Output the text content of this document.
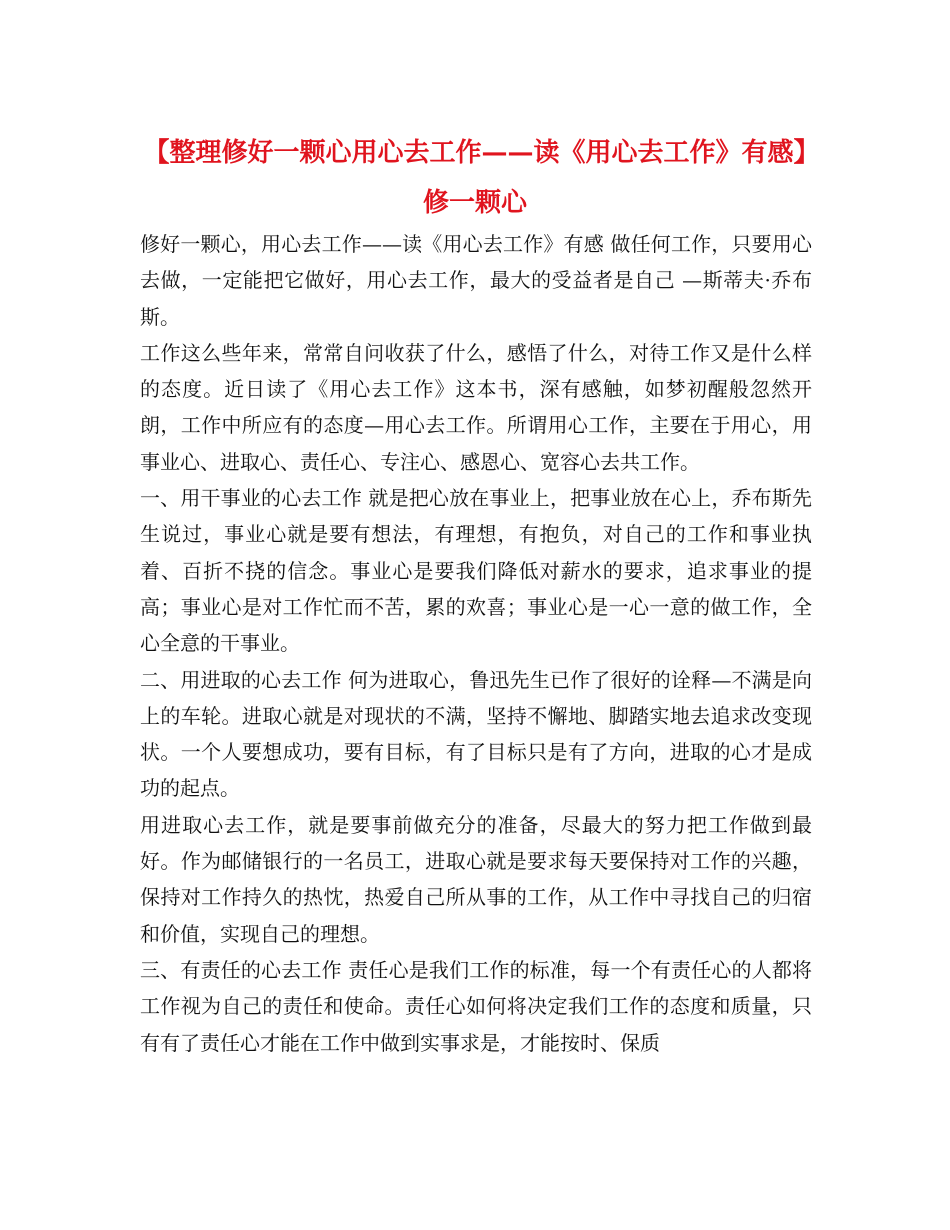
【整理修好一颗心用心去工作——读《用心去工作》有感】修一颗心

修好一颗心，用心去工作——读《用心去工作》有感 做任何工作，只要用心去做，一定能把它做好，用心去工作，最大的受益者是自己 —斯蒂夫·乔布斯。

工作这么些年来，常常自问收获了什么，感悟了什么，对待工作又是什么样的态度。近日读了《用心去工作》这本书，深有感触，如梦初醒般忽然开朗，工作中所应有的态度—用心去工作。所谓用心工作，主要在于用心，用事业心、进取心、责任心、专注心、感恩心、宽容心去共工作。

一、用干事业的心去工作 就是把心放在事业上，把事业放在心上，乔布斯先生说过，事业心就是要有想法，有理想，有抱负，对自己的工作和事业执着、百折不挠的信念。事业心是要我们降低对薪水的要求，追求事业的提高；事业心是对工作忙而不苦，累的欢喜；事业心是一心一意的做工作，全心全意的干事业。

二、用进取的心去工作 何为进取心，鲁迅先生已作了很好的诠释—不满是向上的车轮。进取心就是对现状的不满，坚持不懈地、脚踏实地去追求改变现状。一个人要想成功，要有目标，有了目标只是有了方向，进取的心才是成功的起点。

用进取心去工作，就是要事前做充分的准备，尽最大的努力把工作做到最好。作为邮储银行的一名员工，进取心就是要求每天要保持对工作的兴趣，保持对工作持久的热忱，热爱自己所从事的工作，从工作中寻找自己的归宿和价值，实现自己的理想。

三、有责任的心去工作 责任心是我们工作的标准，每一个有责任心的人都将工作视为自己的责任和使命。责任心如何将决定我们工作的态度和质量，只有有了责任心才能在工作中做到实事求是，才能按时、保质
